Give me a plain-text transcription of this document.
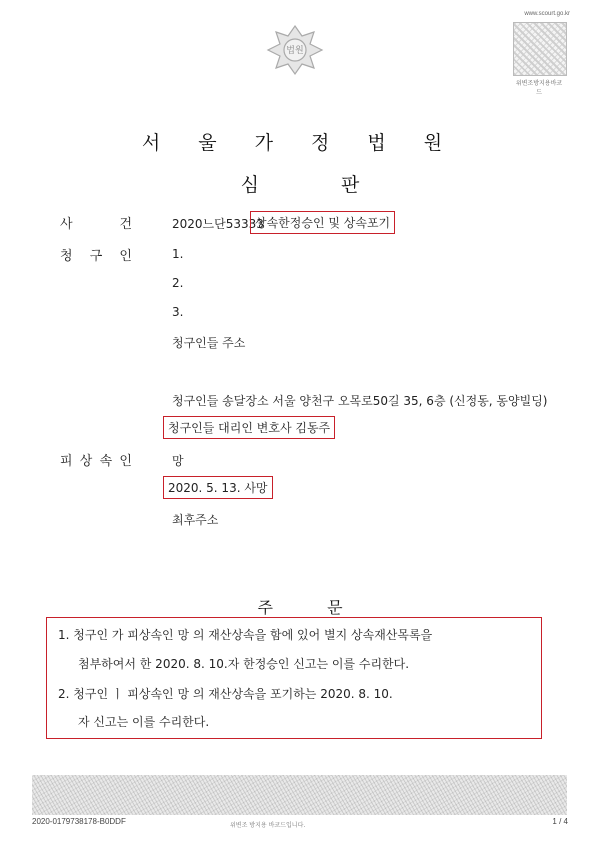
법원
www.scourt.go.kr
위변조방지용바코드
서 울 가 정 법 원
심	판
사 건	2020느단53333
상속한정승인 및 상속포기
청 구 인	1.
2.
3.
청구인들 주소
청구인들 송달장소 서울 양천구 오목로50길 35, 6층 (신정동, 동양빌딩)
청구인들 대리인 변호사 김동주
피 상 속 인	망
2020. 5. 13. 사망
최후주소
주	문
1. 청구인 가 피상속인 망 의 재산상속을 함에 있어 별지 상속재산목록을
첨부하여서 한 2020. 8. 10.자 한정승인 신고는 이를 수리한다.
2. 청구인 ㅣ 피상속인 망 의 재산상속을 포기하는 2020. 8. 10.
자 신고는 이를 수리한다.
2020-0179738178-B0DDF	위변조 방지용 바코드입니다.	1 / 4
